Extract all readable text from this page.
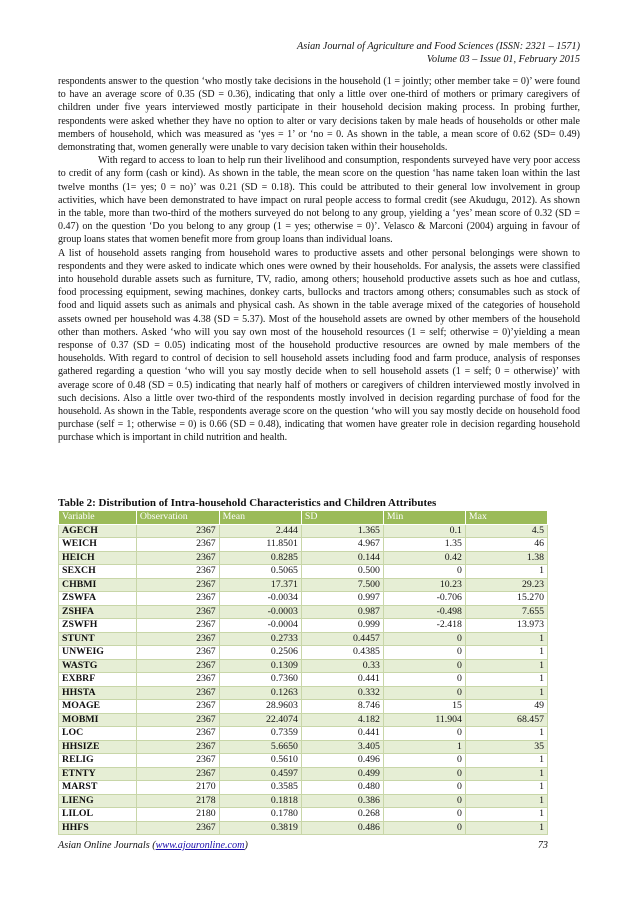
Asian Journal of Agriculture and Food Sciences (ISSN: 2321 – 1571)
Volume 03 – Issue 01, February 2015

respondents answer to the question ‘who mostly take decisions in the household (1 = jointly; other member take = 0)’ were found to have an average score of 0.35 (SD = 0.36), indicating that only a little over one-third of mothers or primary caregivers of children under five years interviewed mostly participate in their household decision making process. In probing further, respondents were asked whether they have no option to alter or vary decisions taken by male heads of households or other male members of household, which was measured as ‘yes = 1’ or ‘no = 0. As shown in the table, a mean score of 0.62 (SD= 0.49) demonstrating that, women generally were unable to vary decision taken within their households.

With regard to access to loan to help run their livelihood and consumption, respondents surveyed have very poor access to credit of any form (cash or kind). As shown in the table, the mean score on the question ‘has name taken loan within the last twelve months (1= yes; 0 = no)’ was 0.21 (SD = 0.18). This could be attributed to their general low involvement in group activities, which have been demonstrated to have impact on rural people access to formal credit (see Akudugu, 2012). As shown in the table, more than two-third of the mothers surveyed do not belong to any group, yielding a ‘yes’ mean score of 0.32 (SD = 0.47) on the question ‘Do you belong to any group (1 = yes; otherwise = 0)’. Velasco & Marconi (2004) arguing in favour of group loans states that women benefit more from group loans than individual loans.

A list of household assets ranging from household wares to productive assets and other personal belongings were shown to respondents and they were asked to indicate which ones were owned by their households. For analysis, the assets were classified into household durable assets such as furniture, TV, radio, among others; household productive assets such as hoe and cutlass, food processing equipment, sewing machines, donkey carts, bullocks and tractors among others; consumables such as stock of food and liquid assets such as animals and physical cash. As shown in the table average mixed of the categories of household assets owned per household was 4.38 (SD = 5.37). Most of the household assets are owned by other members of the household other than mothers. Asked ‘who will you say own most of the household resources (1 = self; otherwise = 0)’yielding a mean response of 0.37 (SD = 0.05) indicating most of the household productive resources are owned by male members of the households. With regard to control of decision to sell household assets including food and farm produce, analysis of responses gathered regarding a question ‘who will you say mostly decide when to sell household assets (1 = self; 0 = otherwise)’ with average score of 0.48 (SD = 0.5) indicating that nearly half of mothers or caregivers of children interviewed mostly involved in such decisions. Also a little over two-third of the respondents mostly involved in decision regarding purchase of food for the household. As shown in the Table, respondents average score on the question ‘who will you say mostly decide on household food purchase (self = 1; otherwise = 0) is 0.66 (SD = 0.48), indicating that women have greater role in decision regarding household purchase which is important in child nutrition and health.

Table 2: Distribution of Intra-household Characteristics and Children Attributes
Variable	Observation	Mean	SD	Min	Max
AGECH	2367	2.444	1.365	0.1	4.5
WEICH	2367	11.8501	4.967	1.35	46
HEICH	2367	0.8285	0.144	0.42	1.38
SEXCH	2367	0.5065	0.500	0	1
CHBMI	2367	17.371	7.500	10.23	29.23
ZSWFA	2367	-0.0034	0.997	-0.706	15.270
ZSHFA	2367	-0.0003	0.987	-0.498	7.655
ZSWFH	2367	-0.0004	0.999	-2.418	13.973
STUNT	2367	0.2733	0.4457	0	1
UNWEIG	2367	0.2506	0.4385	0	1
WASTG	2367	0.1309	0.33	0	1
EXBRF	2367	0.7360	0.441	0	1
HHSTA	2367	0.1263	0.332	0	1
MOAGE	2367	28.9603	8.746	15	49
MOBMI	2367	22.4074	4.182	11.904	68.457
LOC	2367	0.7359	0.441	0	1
HHSIZE	2367	5.6650	3.405	1	35
RELIG	2367	0.5610	0.496	0	1
ETNTY	2367	0.4597	0.499	0	1
MARST	2170	0.3585	0.480	0	1
LIENG	2178	0.1818	0.386	0	1
LILOL	2180	0.1780	0.268	0	1
HHFS	2367	0.3819	0.486	0	1
Asian Online Journals (www.ajouronline.com)	73
